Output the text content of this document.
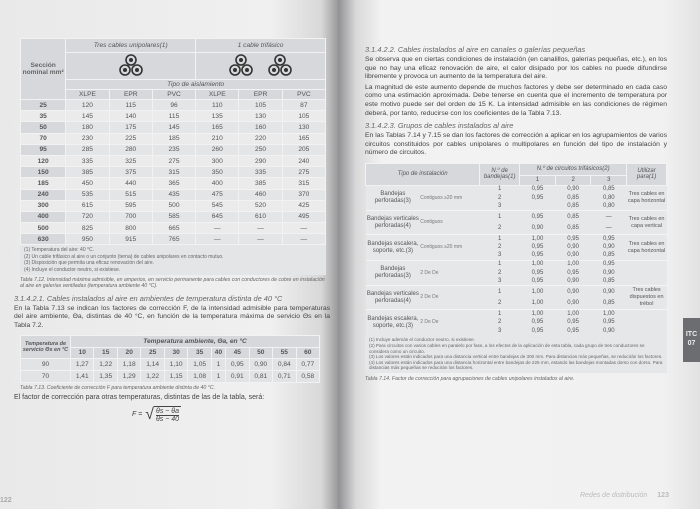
Sección nominal mm²	Tres cables unipolares(1)			1 cable trifásico		

	Tipo de aislamiento					
	XLPE	EPR	PVC	XLPE	EPR	PVC
25	120	115	96	110	105	87
35	145	140	115	135	130	105
50	180	175	145	165	160	130
70	230	225	185	210	220	165
95	285	280	235	260	250	205
120	335	325	275	300	290	240
150	385	375	315	350	335	275
185	450	440	365	400	385	315
240	535	515	435	475	460	370
300	615	595	500	545	520	425
400	720	700	585	645	610	495
500	825	800	665	—	—	—
630	950	915	765	—	—	—
(1) Temperatura del aire: 40 °C.
(2) Un cable trifásico al aire o un conjunto (terna) de cables unipolares en contacto mutuo.
(3) Disposición que permita una eficaz renovación del aire.
(4) Incluye el conductor neutro, si existiese.
Tabla 7.12. Intensidad máxima admisible, en amperios, en servicio permanente para cables con conductores de cobre en instalación al aire en galerías ventiladas (temperatura ambiente 40 °C).
3.1.4.2.1. Cables instalados al aire en ambientes de temperatura distinta de 40 °C
En la Tabla 7.13 se indican los factores de corrección F, de la intensidad admisible para temperaturas del aire ambiente, Θa, distintas de 40 °C, en función de la temperatura máxima de servicio Θs en la Tabla 7.2.
Temperatura de servicio Θs en °C	Temperatura ambiente, Θa, en °C										
	10	15	20	25	30	35	40	45	50	55	60
90	1,27	1,22	1,18	1,14	1,10	1,05	1	0,95	0,90	0,84	0,77
70	1,41	1,35	1,29	1,22	1,15	1,08	1	0,91	0,81	0,71	0,58
Tabla 7.13. Coeficiente de corrección F para temperatura ambiente distinta de 40 °C.
El factor de corrección para otras temperaturas, distintas de las de la tabla, será:
F = √ $\frac{\theta s - \theta a}{\theta s - 40}$
122
3.1.4.2.2. Cables instalados al aire en canales o galerías pequeñas
Se observa que en ciertas condiciones de instalación (en canalillos, galerías pequeñas, etc.), en los que no hay una eficaz renovación de aire, el calor disipado por los cables no puede difundirse libremente y provoca un aumento de la temperatura del aire.
La magnitud de este aumento depende de muchos factores y debe ser determinado en cada caso como una estimación aproximada. Debe tenerse en cuenta que el incremento de temperatura por este motivo puede ser del orden de 15 K. La intensidad admisible en las condiciones de régimen deberá, por tanto, reducirse con los coeficientes de la Tabla 7.13.
3.1.4.2.3. Grupos de cables instalados al aire
En las Tablas 7.14 y 7.15 se dan los factores de corrección a aplicar en los agrupamientos de varios circuitos constituidos por cables unipolares o multipolares en función del tipo de instalación y número de circuitos.
Tipo de instalación		N.º de bandejas(1)	N.º de circuitos trifásicos(2)			Utilizar para(1)
			1	2	3	
Bandejas perforadas(3)	Contiguos ≥20 mm	1	0,95	0,90	0,85	Tres cables en capa horizontal
		2	0,95	0,85	0,80	
		3		0,85	0,80	
Bandejas verticales perforadas(4)	Contiguos	1	0,95	0,85	—	Tres cables en capa vertical
		2	0,90	0,85	—	
Bandejas escalera, soporte, etc.(3)	Contiguos ≥20 mm	1	1,00	0,95	0,95	Tres cables en capa horizontal
		2	0,95	0,90	0,90	
		3	0,95	0,90	0,85	
Bandejas perforadas(3)	2 De De	1	1,00	1,00	0,95	
		2	0,95	0,95	0,90	
		3	0,95	0,90	0,85	
Bandejas verticales perforadas(4)	2 De De	1	1,00	0,90	0,90	Tres cables dispuestos en trébol
		2	1,00	0,90	0,85	
Bandejas escalera, soporte, etc.(3)	2 De De	1	1,00	1,00	1,00	
		2	0,95	0,95	0,95	
		3	0,95	0,95	0,90	
(1) Incluye además el conductor neutro, si existiese.
(2) Para circuitos con varios cables en paralelo por fase, a los efectos de la aplicación de esta tabla, cada grupo de tres conductores se considera como un circuito.
(3) Los valores están indicados para una distancia vertical entre bandejas de 300 mm. Para distancias más pequeñas, se reducirán los factores.
(4) Los valores están indicados para una distancia horizontal entre bandejas de 225 mm, estando las bandejas montadas dorso con dorso. Para distancias más pequeñas se reducirán los factores.
Tabla 7.14. Factor de corrección para agrupaciones de cables unipolares instalados al aire.
Redes de distribución 123
ITC
07
